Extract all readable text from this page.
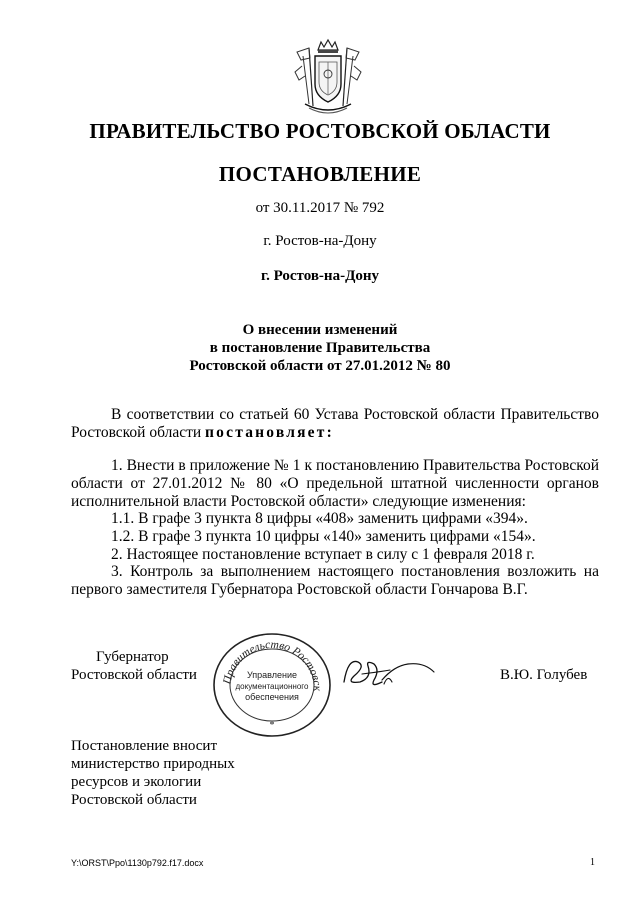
ПРАВИТЕЛЬСТВО РОСТОВСКОЙ ОБЛАСТИ
ПОСТАНОВЛЕНИЕ
от 30.11.2017 № 792
г. Ростов-на-Дону
г. Ростов-на-Дону
О внесении изменений
в постановление Правительства
Ростовской области от 27.01.2012 № 80
В соответствии со статьей 60 Устава Ростовской области Правительство Ростовской области постановляет:
1. Внести в приложение № 1 к постановлению Правительства Ростовской области от 27.01.2012 № 80 «О предельной штатной численности органов исполнительной власти Ростовской области» следующие изменения:
1.1. В графе 3 пункта 8 цифры «408» заменить цифрами «394».
1.2. В графе 3 пункта 10 цифры «140» заменить цифрами «154».
2. Настоящее постановление вступает в силу с 1 февраля 2018 г.
3. Контроль за выполнением настоящего постановления возложить на первого заместителя Губернатора Ростовской области Гончарова В.Г.
Губернатор
Ростовской области	Правительство Ростовск
Управление
документационного
обеспечения
*
В.Ю. Голубев
Постановление вносит
министерство природных
ресурсов и экологии
Ростовской области
Y:\ORST\Ppo\1130p792.f17.docx	1
